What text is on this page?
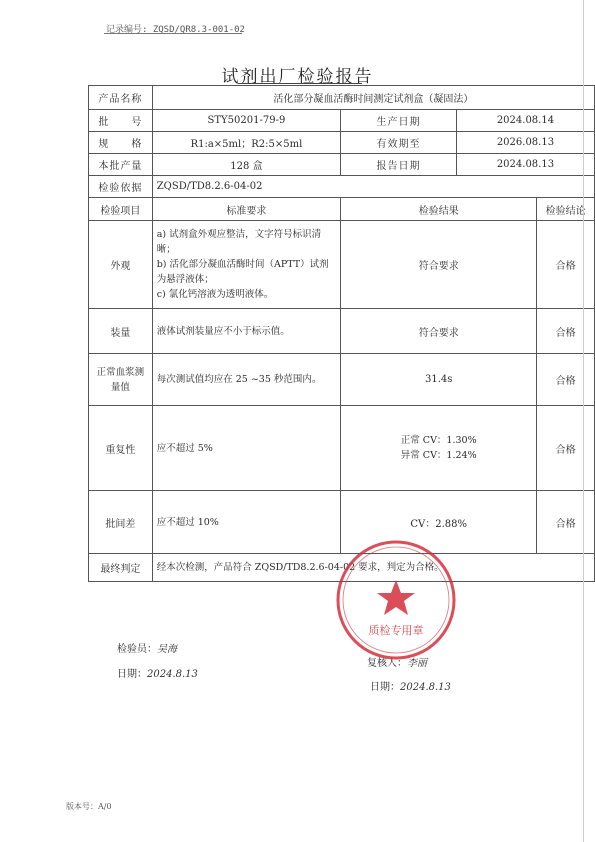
记录编号: ZQSD/QR8.3-001-02
试剂出厂检验报告
产品名称	活化部分凝血活酶时间测定试剂盒（凝固法）			
批　　号	STY50201-79-9	生产日期	2024.08.14	
规　　格	R1:a×5ml；R2:5×5ml	有效期至	2026.08.13	
本批产量	128 盒	报告日期	2024.08.13	
检验依据	ZQSD/TD8.2.6-04-02			
检验项目	标准要求	检验结果		检验结论
外观	a) 试剂盒外观应整洁，文字符号标识清晰；
b) 活化部分凝血活酶时间（APTT）试剂为悬浮液体；
c) 氯化钙溶液为透明液体。	符合要求		合格
装量	液体试剂装量应不小于标示值。	符合要求		合格
正常血浆测量值	每次测试值均应在 25 ~35 秒范围内。	31.4s		合格
重复性	应不超过 5%	正常 CV：1.30%
异常 CV：1.24%		合格
批间差	应不超过 10%	CV：2.88%		合格
最终判定	经本次检测，产品符合 ZQSD/TD8.2.6-04-02 要求，判定为合格。			
检验员：吴海
日期：2024.8.13
复核人：李丽
日期：2024.8.13
质检专用章
版本号：A/0
